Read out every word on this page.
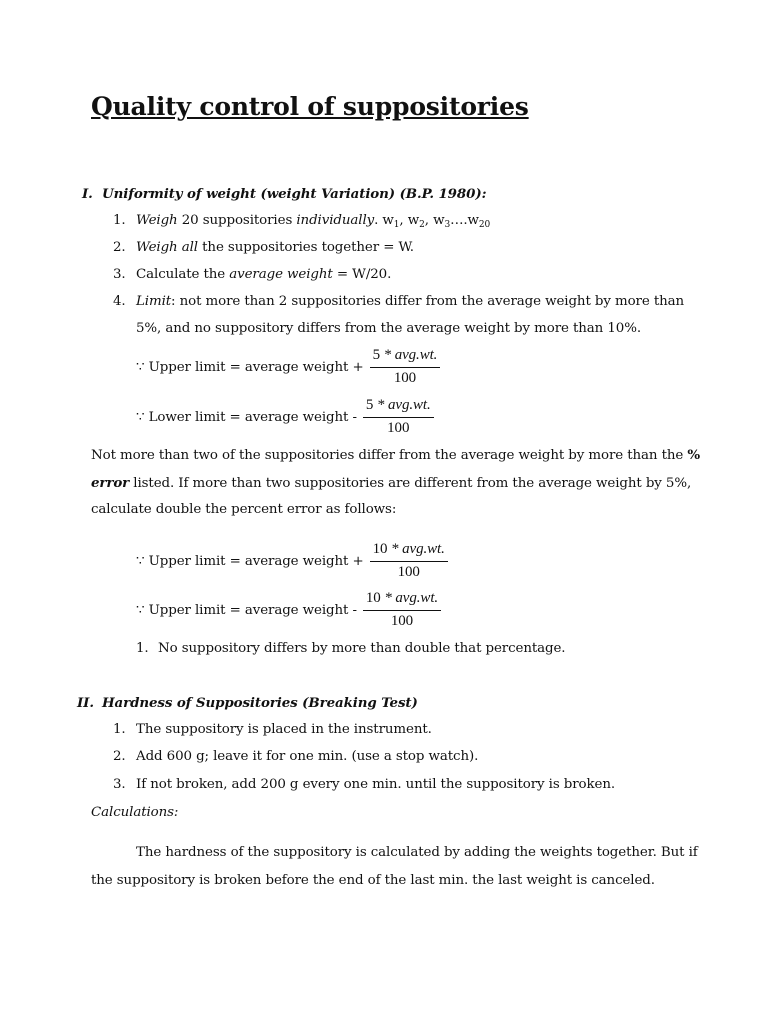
Quality control of suppositories
I. Uniformity of weight (weight Variation) (B.P. 1980):
1. Weigh 20 suppositories individually. $w_1$, $w_2$, $w_3\dots.w_{20}$
2. Weigh all the suppositories together = W.
3. Calculate the average weight = W/20.
4. Limit: not more than 2 suppositories differ from the average weight by more than
5%, and no suppository differs from the average weight by more than 10%.
∵ Upper limit = average weight + $\frac{\text{5 * avg.wt.}}{100}$
∵ Lower limit = average weight - $\frac{\text{5 * avg.wt.}}{100}$
Not more than two of the suppositories differ from the average weight by more than the %
error listed. If more than two suppositories are different from the average weight by 5%,
calculate double the percent error as follows:
∵ Upper limit = average weight + $\frac{\text{10 * avg.wt.}}{100}$
∵ Upper limit = average weight - $\frac{\text{10 * avg.wt.}}{100}$
1. No suppository differs by more than double that percentage.
II. Hardness of Suppositories (Breaking Test)
1. The suppository is placed in the instrument.
2. Add 600 g; leave it for one min. (use a stop watch).
3. If not broken, add 200 g every one min. until the suppository is broken.
Calculations:
The hardness of the suppository is calculated by adding the weights together. But if
the suppository is broken before the end of the last min. the last weight is canceled.
